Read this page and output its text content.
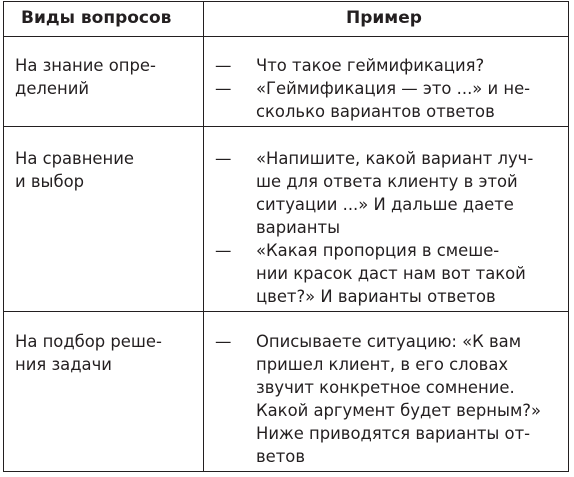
Виды вопросов	Пример
На знание опре-
делений
— Что такое геймификация?
— «Геймификация — это ...» и не-
сколько вариантов ответов
На сравнение
и выбор
— «Напишите, какой вариант луч-
ше для ответа клиенту в этой
ситуации ...» И дальше даете
варианты
— «Какая пропорция в смеше-
нии красок даст нам вот такой
цвет?» И варианты ответов
На подбор реше-
ния задачи
— Описываете ситуацию: «К вам
пришел клиент, в его словах
звучит конкретное сомнение.
Какой аргумент будет верным?»
Ниже приводятся варианты от-
ветов
